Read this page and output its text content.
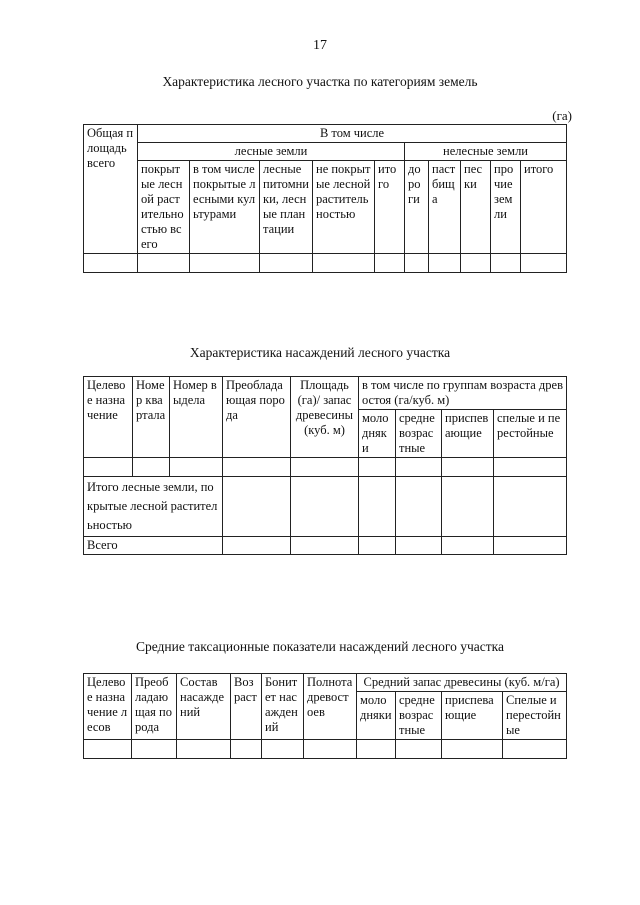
17
Характеристика лесного участка по категориям земель
(га)
Общая площадь всего	В том числе									
	лесные земли					нелесные земли				
	покрытые лесной растительностью всего	в том числе покрытые лесными культурами	лесные питомники, лесные плантации	не покрытые лесной растительностью	итого	дороги	пастбища	пески	прочие земли	итого

Характеристика насаждений лесного участка
Целевое назначение	Номер квартала	Номер выдела	Преобладающая порода	Площадь (га)/ запас древесины (куб. м)	в том числе по группам возраста древостоя (га/куб. м)			
					молодняки	средневозрастные	приспевающие	спелые и перестойные

Итого лесные земли, покрытые лесной растительностью								
Всего								
Средние таксационные показатели насаждений лесного участка
Целевое назначение лесов	Преобладающая порода	Состав насаждений	Возраст	Бонитет насаждений	Полнота древостоев	Средний запас древесины (куб. м/га)			
						молодняки	средневозрастные	приспевающие	Спелые и перестойные
